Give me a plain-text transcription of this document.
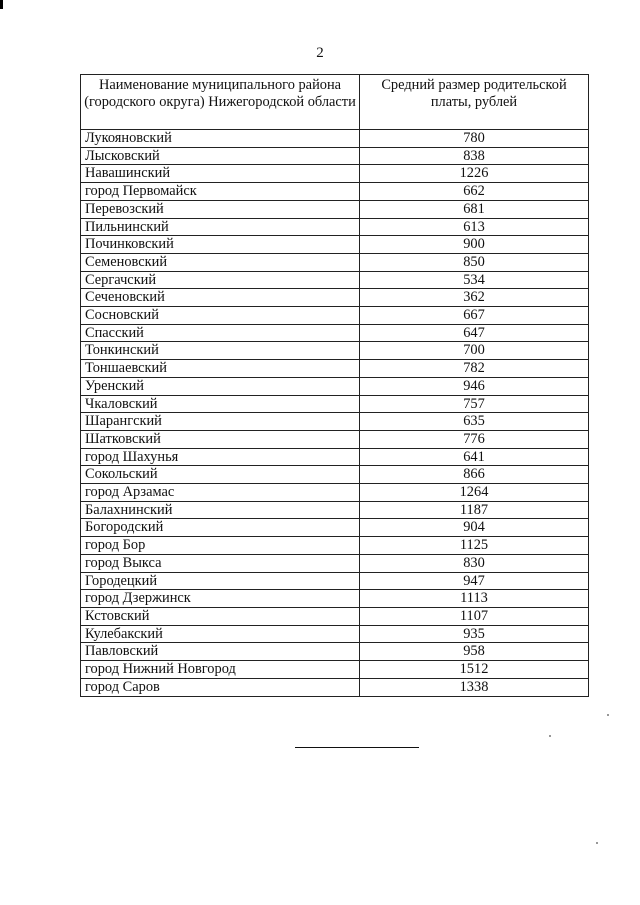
2
Наименование муниципального района (городского округа) Нижегородской области	Средний размер родительской платы, рублей
Лукояновский	780
Лысковский	838
Навашинский	1226
город Первомайск	662
Перевозский	681
Пильнинский	613
Починковский	900
Семеновский	850
Сергачский	534
Сеченовский	362
Сосновский	667
Спасский	647
Тонкинский	700
Тоншаевский	782
Уренский	946
Чкаловский	757
Шарангский	635
Шатковский	776
город Шахунья	641
Сокольский	866
город Арзамас	1264
Балахнинский	1187
Богородский	904
город Бор	1125
город Выкса	830
Городецкий	947
город Дзержинск	1113
Кстовский	1107
Кулебакский	935
Павловский	958
город Нижний Новгород	1512
город Саров	1338
